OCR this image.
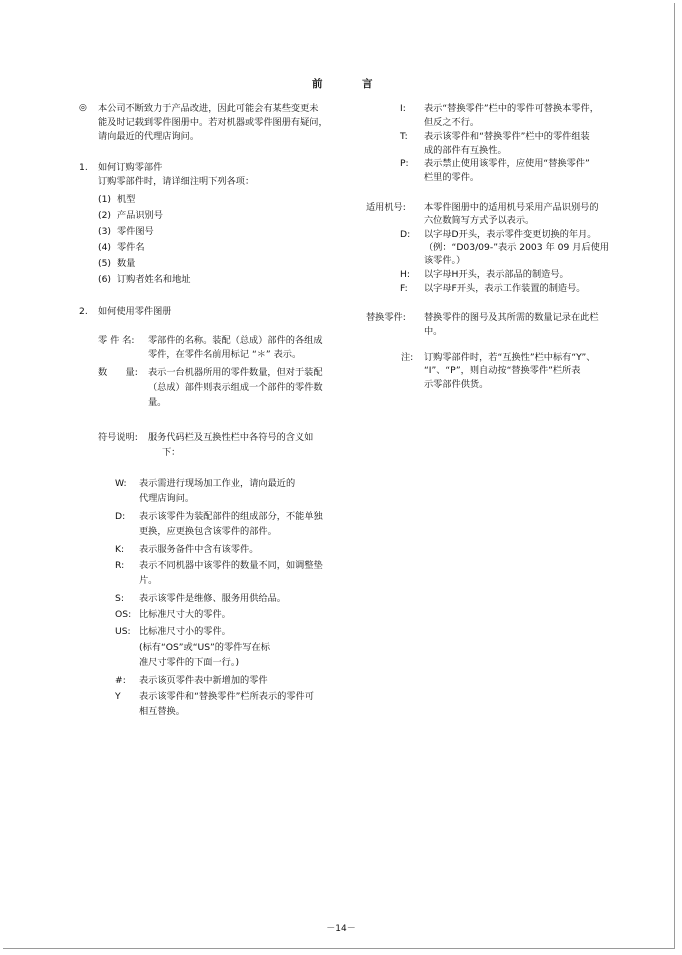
前	言
◎ 本公司不断致力于产品改进，因此可能会有某些变更未
能及时记载到零件图册中。若对机器或零件图册有疑问，
请向最近的代理店询问。
1. 如何订购零部件
订购零部件时，请详细注明下列各项：
(1) 机型
(2) 产品识别号
(3) 零件图号
(4) 零件名
(5) 数量
(6) 订购者姓名和地址
2. 如何使用零件图册
零 件 名: 零部件的名称。装配（总成）部件的各组成
零件，在零件名前用标记 “＊” 表示。
数　　量: 表示一台机器所用的零件数量，但对于装配
（总成）部件则表示组成一个部件的零件数
量。
符号说明: 服务代码栏及互换性栏中各符号的含义如
下：
W: 表示需进行现场加工作业，请向最近的
代理店询问。
D: 表示该零件为装配部件的组成部分，不能单独
更换，应更换包含该零件的部件。
K: 表示服务备件中含有该零件。
R: 表示不同机器中该零件的数量不同，如调整垫
片。
S: 表示该零件是维修、服务用供给品。
OS: 比标准尺寸大的零件。
US: 比标准尺寸小的零件。
(标有“OS”或“US”的零件写在标
准尺寸零件的下面一行。)
#: 表示该页零件表中新增加的零件
Y 表示该零件和“替换零件”栏所表示的零件可
相互替换。
I: 表示“替换零件”栏中的零件可替换本零件，
但反之不行。
T: 表示该零件和“替换零件”栏中的零件组装
成的部件有互换性。
P: 表示禁止使用该零件，应使用“替换零件”
栏里的零件。
适用机号: 本零件图册中的适用机号采用产品识别号的
六位数简写方式予以表示。
D: 以字母D开头，表示零件变更切换的年月。
（例：“D03/09-”表示 2003 年 09 月后使用
该零件。）
H: 以字母H开头，表示部品的制造号。
F: 以字母F开头，表示工作装置的制造号。
替换零件: 替换零件的图号及其所需的数量记录在此栏
中。
注: 订购零部件时，若“互换性”栏中标有“Y”、
“I”、“P”，则自动按“替换零件”栏所表
示零部件供货。
－14－
